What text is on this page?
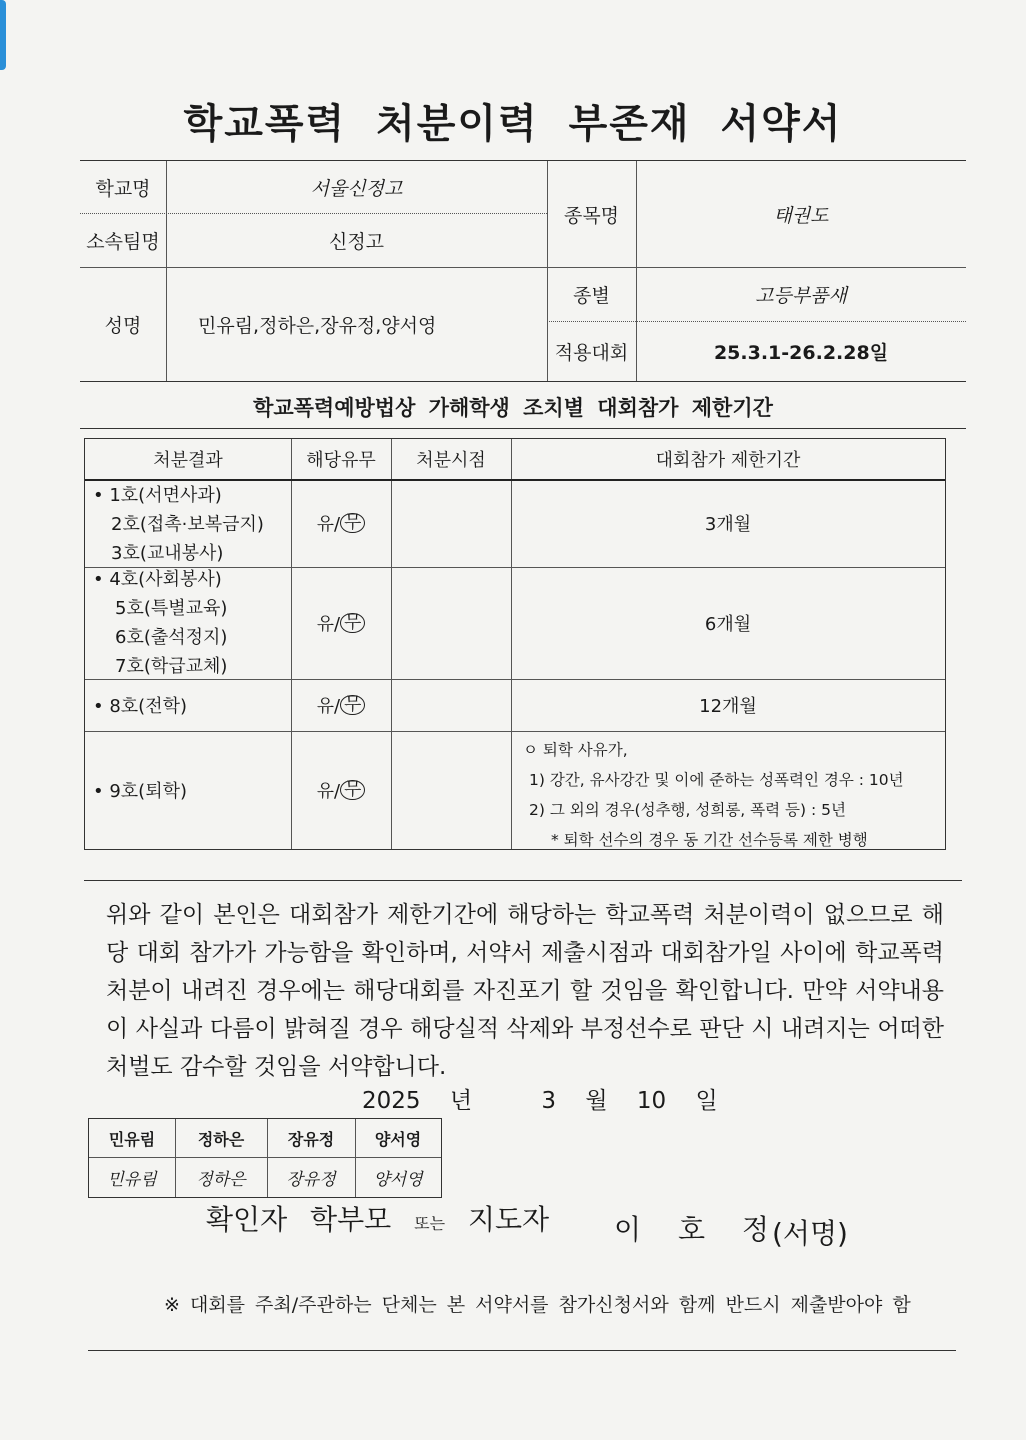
학교폭력 처분이력 부존재 서약서
학교명	서울신정고
소속팀명	신정고
종목명	태권도
성명	민유림,정하은,장유정,양서영
종별	고등부품새
적용대회	25.3.1-26.2.28일
학교폭력예방법상 가해학생 조치별 대회참가 제한기간
처분결과	해당유무	처분시점	대회참가 제한기간
• 1호(서면사과)
2호(접촉·보복금지)
3호(교내봉사)
유/ 무	3개월
• 4호(사회봉사)
5호(특별교육)
6호(출석정지)
7호(학급교체)
유/ 무	6개월
• 8호(전학)	유/ 무	12개월
• 9호(퇴학)	유/ 무
ㅇ 퇴학 사유가,
1) 강간, 유사강간 및 이에 준하는 성폭력인 경우 : 10년
2) 그 외의 경우(성추행, 성희롱, 폭력 등) : 5년
* 퇴학 선수의 경우 동 기간 선수등록 제한 병행
위와 같이 본인은 대회참가 제한기간에 해당하는 학교폭력 처분이력이 없으므로 해당 대회 참가가 가능함을 확인하며, 서약서 제출시점과 대회참가일 사이에 학교폭력 처분이 내려진 경우에는 해당대회를 자진포기 할 것임을 확인합니다. 만약 서약내용이 사실과 다름이 밝혀질 경우 해당실적 삭제와 부정선수로 판단 시 내려지는 어떠한 처벌도 감수할 것임을 서약합니다.
2025 년	3 월 10 일
민유림	정하은	장유정	양서영
민유림	정하은	장유정	양서영
확인자 학부모 또는 지도자 이 호 정
(서명)
※ 대회를 주최/주관하는 단체는 본 서약서를 참가신청서와 함께 반드시 제출받아야 함
